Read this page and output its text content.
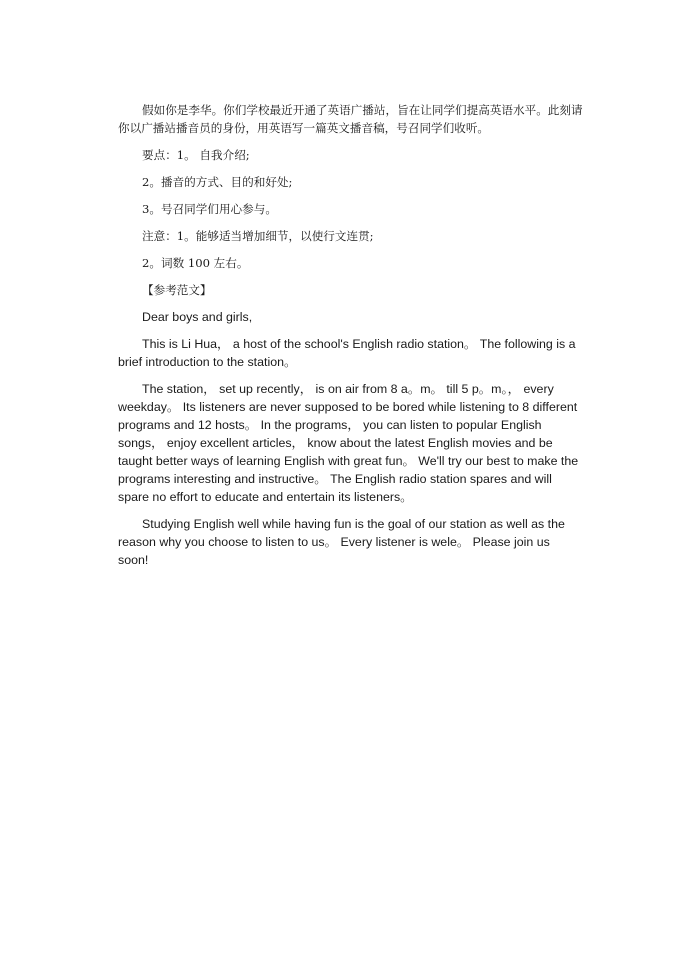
假如你是李华。你们学校最近开通了英语广播站，旨在让同学们提高英语水平。此刻请你以广播站播音员的身份，用英语写一篇英文播音稿，号召同学们收听。

要点：1。 自我介绍;

2。播音的方式、目的和好处;

3。号召同学们用心参与。

注意：1。能够适当增加细节，以使行文连贯;

2。词数 100 左右。

【参考范文】

Dear boys and girls,

This is Li Hua， a host of the school's English radio station。 The following is a brief introduction to the station。

The station， set up recently， is on air from 8 a。m。 till 5 p。m。， every weekday。 Its listeners are never supposed to be bored while listening to 8 different programs and 12 hosts。 In the programs， you can listen to popular English songs， enjoy excellent articles， know about the latest English movies and be taught better ways of learning English with great fun。 We'll try our best to make the programs interesting and instructive。 The English radio station spares and will spare no effort to educate and entertain its listeners。

Studying English well while having fun is the goal of our station as well as the reason why you choose to listen to us。 Every listener is wele。 Please join us soon!
